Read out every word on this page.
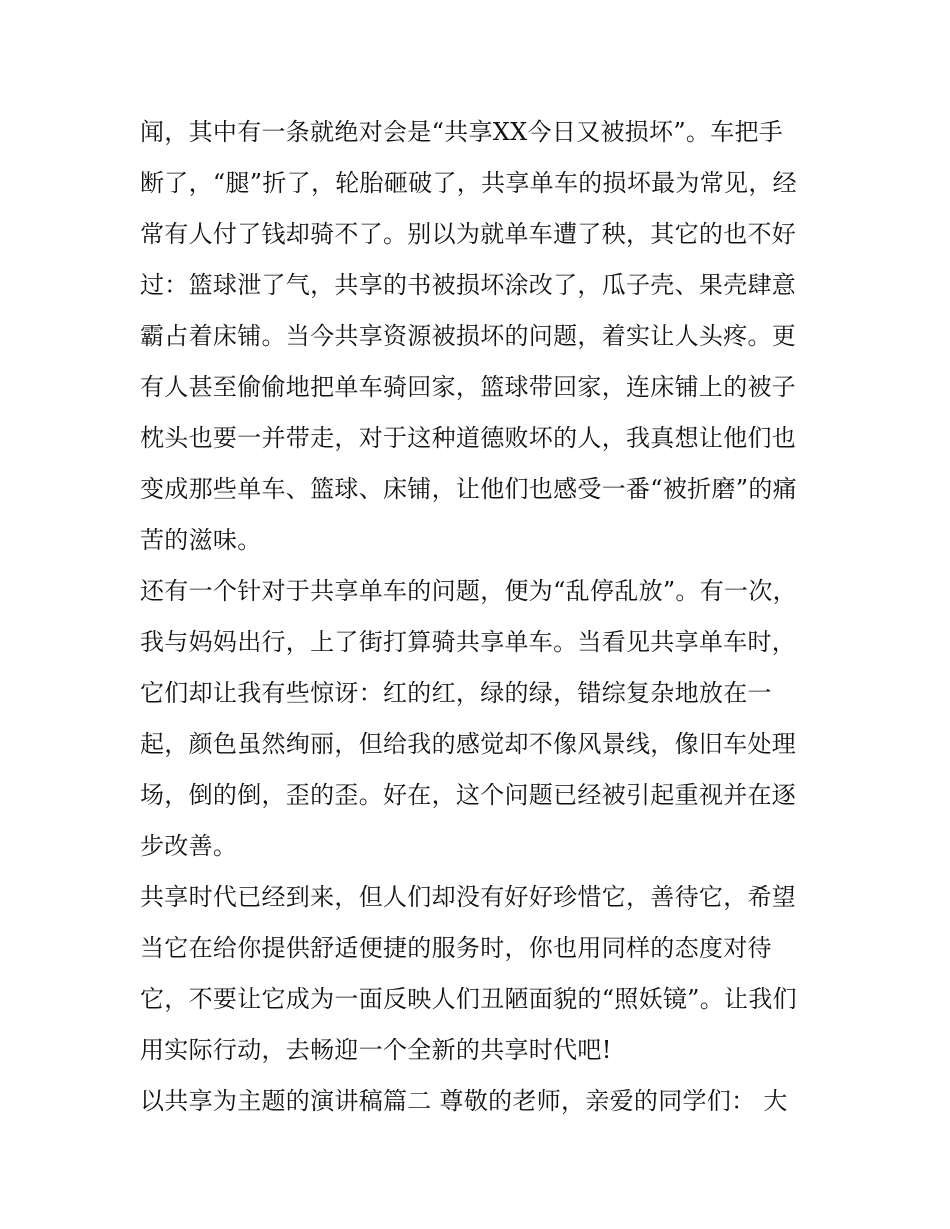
闻，其中有一条就绝对会是“共享XX今日又被损坏”。车把手
断了，“腿”折了，轮胎砸破了，共享单车的损坏最为常见，经
常有人付了钱却骑不了。别以为就单车遭了秧，其它的也不好
过：篮球泄了气，共享的书被损坏涂改了，瓜子壳、果壳肆意
霸占着床铺。当今共享资源被损坏的问题，着实让人头疼。更
有人甚至偷偷地把单车骑回家，篮球带回家，连床铺上的被子
枕头也要一并带走，对于这种道德败坏的人，我真想让他们也
变成那些单车、篮球、床铺，让他们也感受一番“被折磨”的痛
苦的滋味。
还有一个针对于共享单车的问题，便为“乱停乱放”。有一次，
我与妈妈出行，上了街打算骑共享单车。当看见共享单车时，
它们却让我有些惊讶：红的红，绿的绿，错综复杂地放在一
起，颜色虽然绚丽，但给我的感觉却不像风景线，像旧车处理
场，倒的倒，歪的歪。好在，这个问题已经被引起重视并在逐
步改善。
共享时代已经到来，但人们却没有好好珍惜它，善待它，希望
当它在给你提供舒适便捷的服务时，你也用同样的态度对待
它，不要让它成为一面反映人们丑陋面貌的“照妖镜”。让我们
用实际行动，去畅迎一个全新的共享时代吧!
以共享为主题的演讲稿篇二 尊敬的老师，亲爱的同学们： 大
